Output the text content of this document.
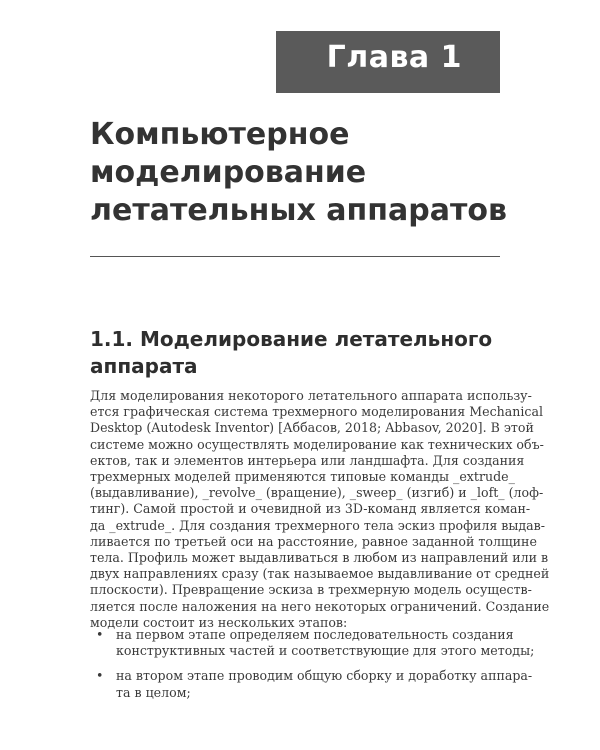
Глава 1
Компьютерное
моделирование
летательных аппаратов
1.1. Моделирование летательного
аппарата
Для моделирования некоторого летательного аппарата использу-
ется графическая система трехмерного моделирования Mechanical
Desktop (Autodesk Inventor) [Аббасов, 2018; Abbasov, 2020]. В этой
системе можно осуществлять моделирование как технических объ-
ектов, так и элементов интерьера или ландшафта. Для создания
трехмерных моделей применяются типовые команды _extrude_
(выдавливание), _revolve_ (вращение), _sweep_ (изгиб) и _loft_ (лоф-
тинг). Самой простой и очевидной из 3D-команд является коман-
да _extrude_. Для создания трехмерного тела эскиз профиля выдав-
ливается по третьей оси на расстояние, равное заданной толщине
тела. Профиль может выдавливаться в любом из направлений или в
двух направлениях сразу (так называемое выдавливание от средней
плоскости). Превращение эскиза в трехмерную модель осуществ-
ляется после наложения на него некоторых ограничений. Создание
модели состоит из нескольких этапов:
• на первом этапе определяем последовательность создания
конструктивных частей и соответствующие для этого методы;
• на втором этапе проводим общую сборку и доработку аппара-
та в целом;
